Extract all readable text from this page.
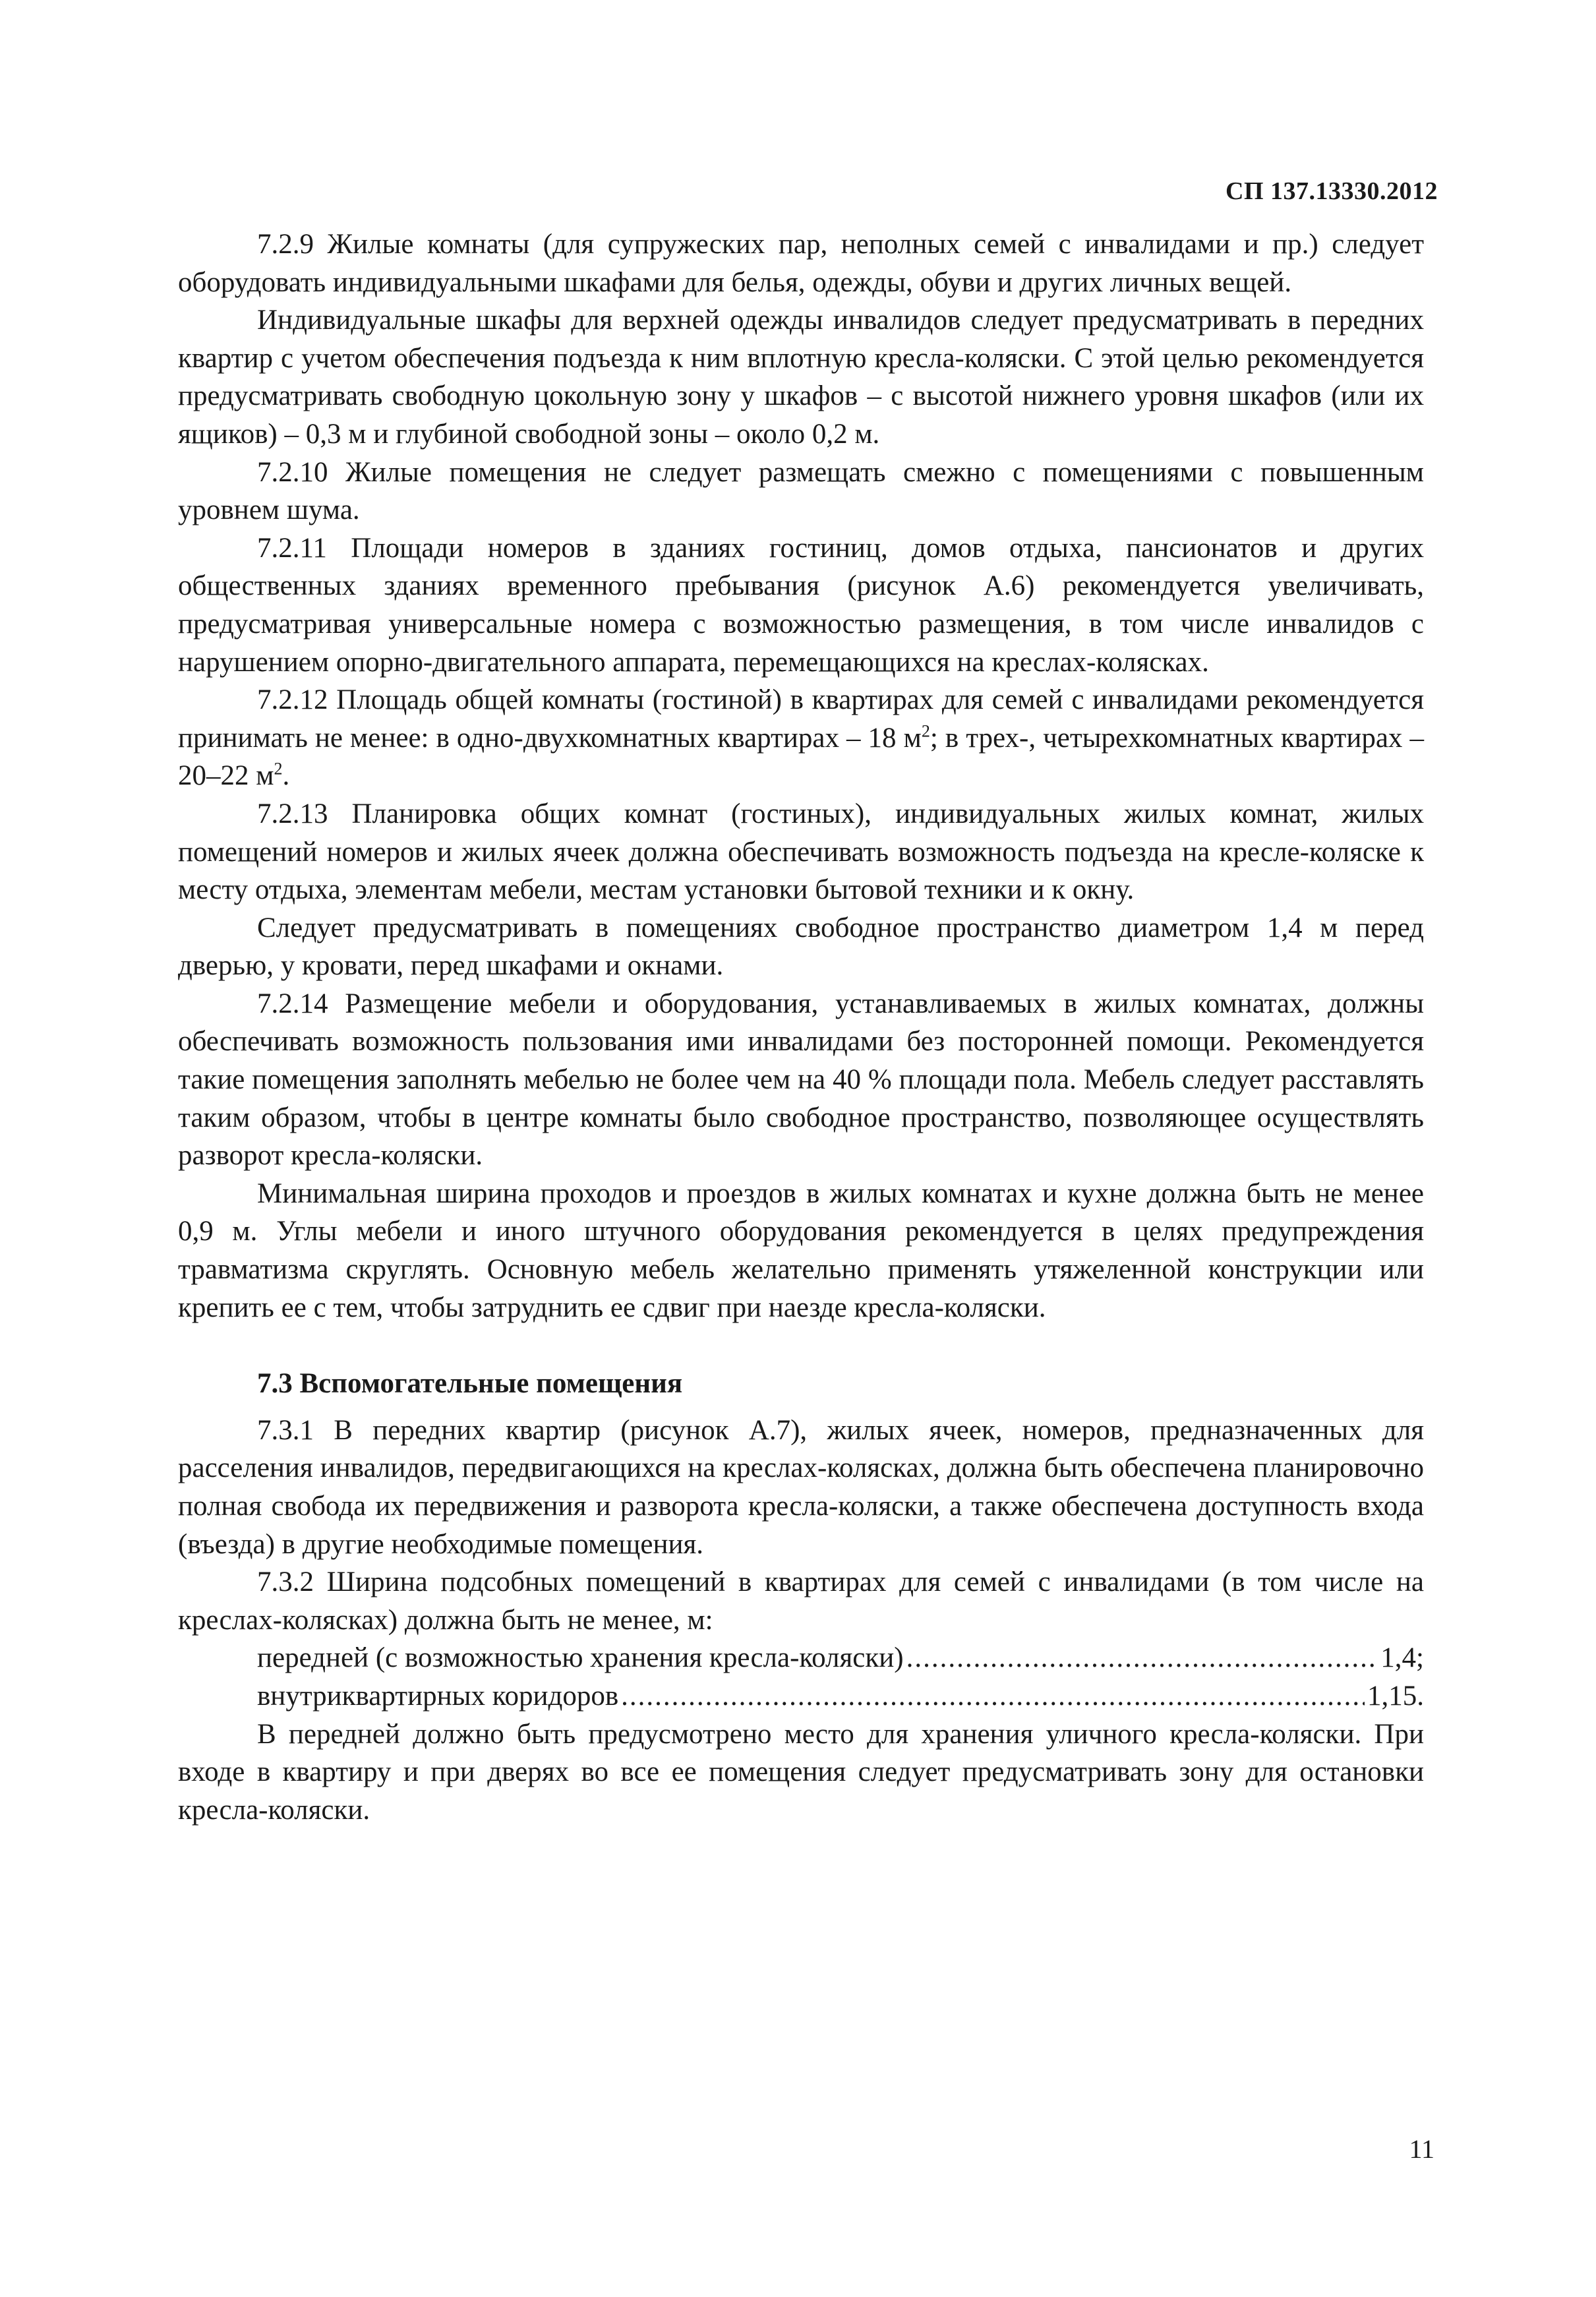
СП 137.13330.2012

7.2.9 Жилые комнаты (для супружеских пар, неполных семей с инвалидами и пр.) следует оборудовать индивидуальными шкафами для белья, одежды, обуви и других личных вещей.

Индивидуальные шкафы для верхней одежды инвалидов следует предусматривать в передних квартир с учетом обеспечения подъезда к ним вплотную кресла-коляски. С этой целью рекомендуется предусматривать свободную цокольную зону у шкафов – с высотой нижнего уровня шкафов (или их ящиков) – 0,3 м и глубиной свободной зоны – около 0,2 м.

7.2.10 Жилые помещения не следует размещать смежно с помещениями с повышенным уровнем шума.

7.2.11 Площади номеров в зданиях гостиниц, домов отдыха, пансионатов и других общественных зданиях временного пребывания (рисунок А.6) рекомендуется увеличивать, предусматривая универсальные номера с возможностью размещения, в том числе инвалидов с нарушением опорно-двигательного аппарата, перемещающихся на креслах-колясках.

7.2.12 Площадь общей комнаты (гостиной) в квартирах для семей с инвалидами рекомендуется принимать не менее: в одно-двухкомнатных квартирах – 18 $м^2$; в трех-, четырехкомнатных квартирах – 20–22 $м^2$.

7.2.13 Планировка общих комнат (гостиных), индивидуальных жилых комнат, жилых помещений номеров и жилых ячеек должна обеспечивать возможность подъезда на кресле-коляске к месту отдыха, элементам мебели, местам установки бытовой техники и к окну.

Следует предусматривать в помещениях свободное пространство диаметром 1,4 м перед дверью, у кровати, перед шкафами и окнами.

7.2.14 Размещение мебели и оборудования, устанавливаемых в жилых комнатах, должны обеспечивать возможность пользования ими инвалидами без посторонней помощи. Рекомендуется такие помещения заполнять мебелью не более чем на 40 % площади пола. Мебель следует расставлять таким образом, чтобы в центре комнаты было свободное пространство, позволяющее осуществлять разворот кресла-коляски.

Минимальная ширина проходов и проездов в жилых комнатах и кухне должна быть не менее 0,9 м. Углы мебели и иного штучного оборудования рекомендуется в целях предупреждения травматизма скруглять. Основную мебель желательно применять утяжеленной конструкции или крепить ее с тем, чтобы затруднить ее сдвиг при наезде кресла-коляски.

7.3 Вспомогательные помещения

7.3.1 В передних квартир (рисунок А.7), жилых ячеек, номеров, предназначенных для расселения инвалидов, передвигающихся на креслах-колясках, должна быть обеспечена планировочно полная свобода их передвижения и разворота кресла-коляски, а также обеспечена доступность входа (въезда) в другие необходимые помещения.

7.3.2 Ширина подсобных помещений в квартирах для семей с инвалидами (в том числе на креслах-колясках) должна быть не менее, м:

передней (с возможностью хранения кресла-коляски) .....	1,4;
внутриквартирных коридоров .....	1,15.

В передней должно быть предусмотрено место для хранения уличного кресла-коляски. При входе в квартиру и при дверях во все ее помещения следует предусматривать зону для остановки кресла-коляски.

11
